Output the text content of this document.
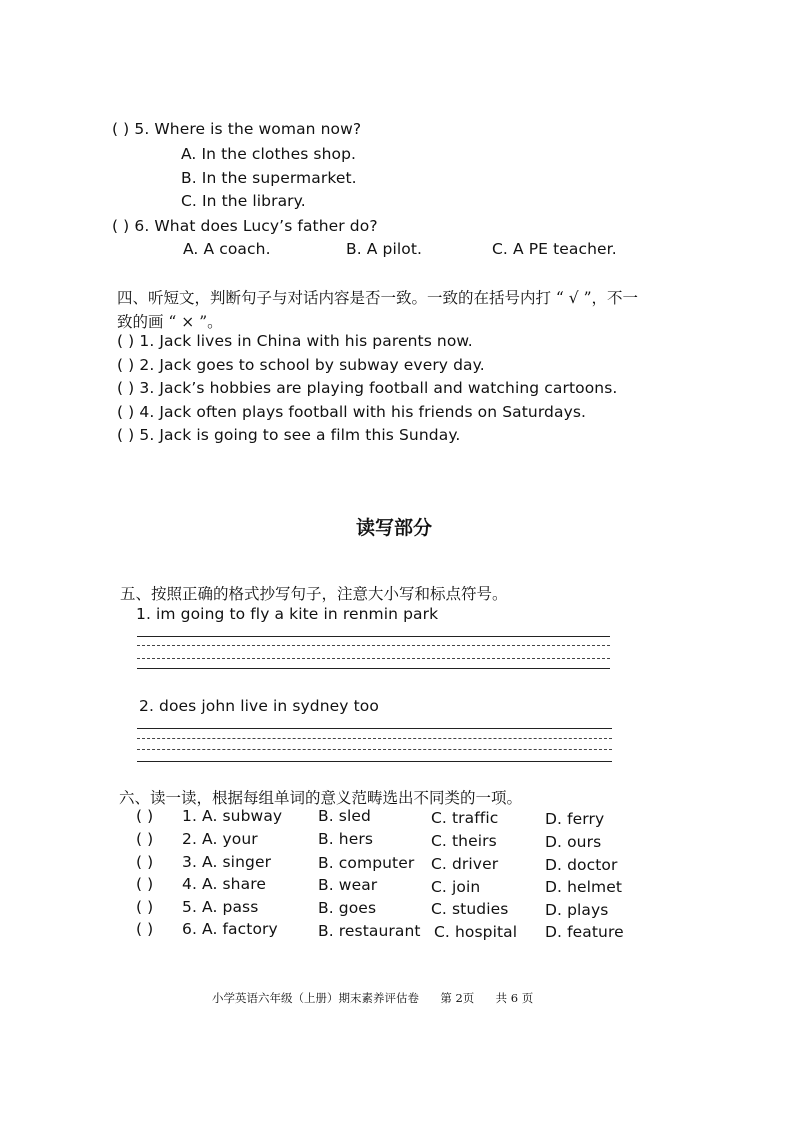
( ) 5. Where is the woman now?
A. In the clothes shop.
B. In the supermarket.
C. In the library.
( ) 6. What does Lucy’s father do?
A. A coach.	B. A pilot.	C. A PE teacher.
四、听短文，判断句子与对话内容是否一致。一致的在括号内打 “ √ ”，不一
致的画 “ × ”。
( ) 1. Jack lives in China with his parents now.
( ) 2. Jack goes to school by subway every day.
( ) 3. Jack’s hobbies are playing football and watching cartoons.
( ) 4. Jack often plays football with his friends on Saturdays.
( ) 5. Jack is going to see a film this Sunday.
读写部分
五、按照正确的格式抄写句子，注意大小写和标点符号。
1. im going to fly a kite in renmin park
2. does john live in sydney too
六、读一读，根据每组单词的意义范畴选出不同类的一项。
( ) 1. A. subway B. sled	C. traffic	D. ferry
( ) 2. A. your	B. hers	C. theirs	D. ours
( ) 3. A. singer	B. computer C. driver	D. doctor
( ) 4. A. share	B. wear	C. join	D. helmet
( ) 5. A. pass	B. goes	C. studies D. plays
( ) 6. A. factory	B. restaurant C. hospital D. feature
小学英语六年级（上册）期末素养评估卷 第 2页 共 6 页
